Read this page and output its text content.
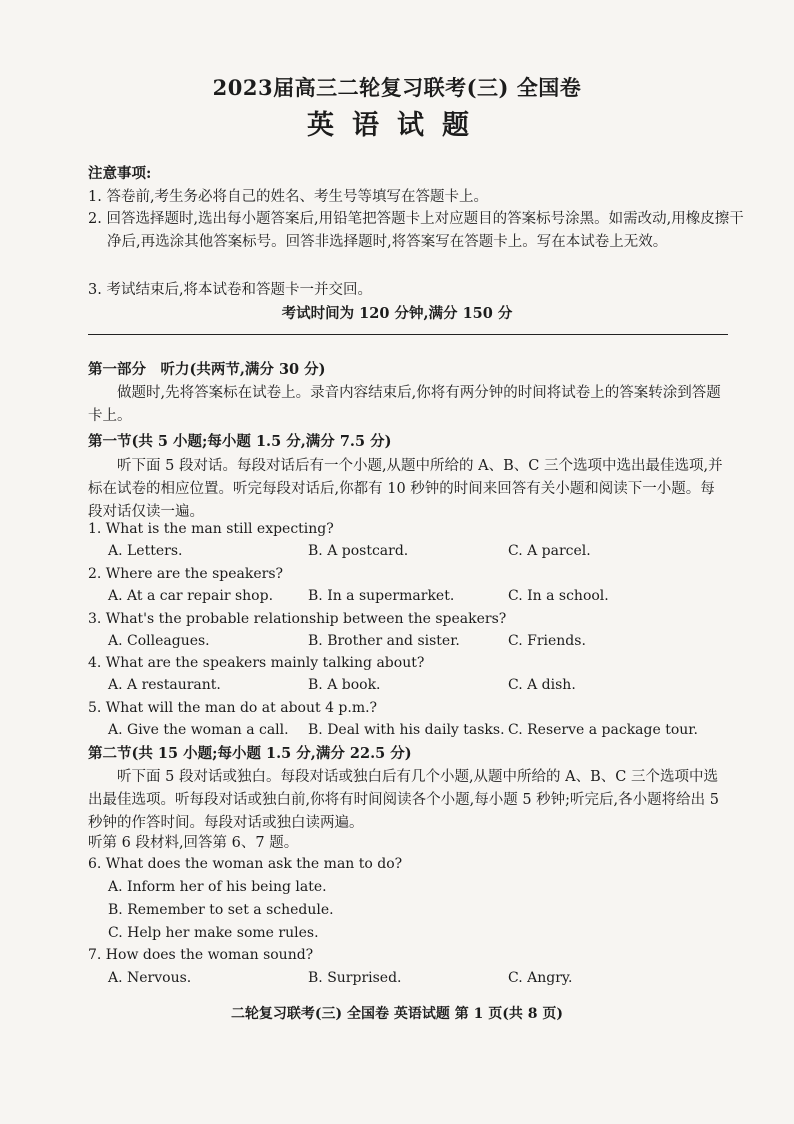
2023届高三二轮复习联考(三) 全国卷
英语试题
注意事项:
1. 答卷前,考生务必将自己的姓名、考生号等填写在答题卡上。
2. 回答选择题时,选出每小题答案后,用铅笔把答题卡上对应题目的答案标号涂黑。如需改动,用橡皮擦干净后,再选涂其他答案标号。回答非选择题时,将答案写在答题卡上。写在本试卷上无效。
3. 考试结束后,将本试卷和答题卡一并交回。
考试时间为 120 分钟,满分 150 分
第一部分　听力(共两节,满分 30 分)
做题时,先将答案标在试卷上。录音内容结束后,你将有两分钟的时间将试卷上的答案转涂到答题卡上。
第一节(共 5 小题;每小题 1.5 分,满分 7.5 分)
听下面 5 段对话。每段对话后有一个小题,从题中所给的 A、B、C 三个选项中选出最佳选项,并标在试卷的相应位置。听完每段对话后,你都有 10 秒钟的时间来回答有关小题和阅读下一小题。每段对话仅读一遍。
1. What is the man still expecting?
A. Letters.	B. A postcard.	C. A parcel.
2. Where are the speakers?
A. At a car repair shop. B. In a supermarket.	C. In a school.
3. What's the probable relationship between the speakers?
A. Colleagues.	B. Brother and sister.	C. Friends.
4. What are the speakers mainly talking about?
A. A restaurant.	B. A book.	C. A dish.
5. What will the man do at about 4 p.m.?
A. Give the woman a call. B. Deal with his daily tasks. C. Reserve a package tour.
第二节(共 15 小题;每小题 1.5 分,满分 22.5 分)
听下面 5 段对话或独白。每段对话或独白后有几个小题,从题中所给的 A、B、C 三个选项中选出最佳选项。听每段对话或独白前,你将有时间阅读各个小题,每小题 5 秒钟;听完后,各小题将给出 5 秒钟的作答时间。每段对话或独白读两遍。
听第 6 段材料,回答第 6、7 题。
6. What does the woman ask the man to do?
A. Inform her of his being late.
B. Remember to set a schedule.
C. Help her make some rules.
7. How does the woman sound?
A. Nervous.	B. Surprised.	C. Angry.
二轮复习联考(三) 全国卷 英语试题 第 1 页(共 8 页)
